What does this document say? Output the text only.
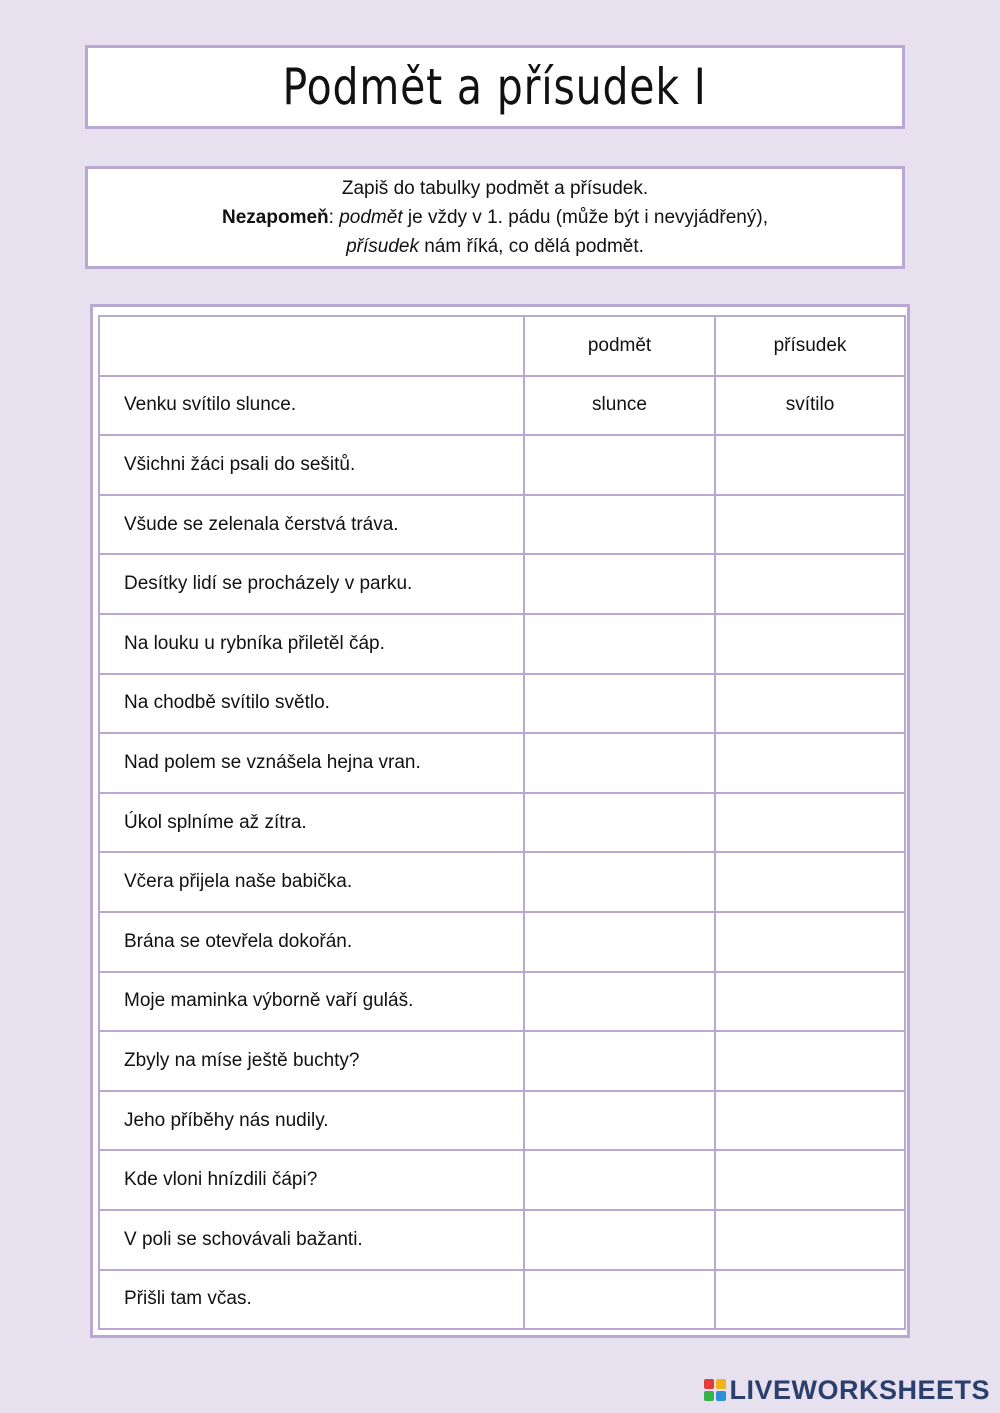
Podmět a přísudek I
Zapiš do tabulky podmět a přísudek.
Nezapomeň: podmět je vždy v 1. pádu (může být i nevyjádřený),
přísudek nám říká, co dělá podmět.
	podmět	přísudek
Venku svítilo slunce.	slunce	svítilo
Všichni žáci psali do sešitů.		
Všude se zelenala čerstvá tráva.		
Desítky lidí se procházely v parku.		
Na louku u rybníka přiletěl čáp.		
Na chodbě svítilo světlo.		
Nad polem se vznášela hejna vran.		
Úkol splníme až zítra.		
Včera přijela naše babička.		
Brána se otevřela dokořán.		
Moje maminka výborně vaří guláš.		
Zbyly na míse ještě buchty?		
Jeho příběhy nás nudily.		
Kde vloni hnízdili čápi?		
V poli se schovávali bažanti.		
Přišli tam včas.		
LIVEWORKSHEETS
